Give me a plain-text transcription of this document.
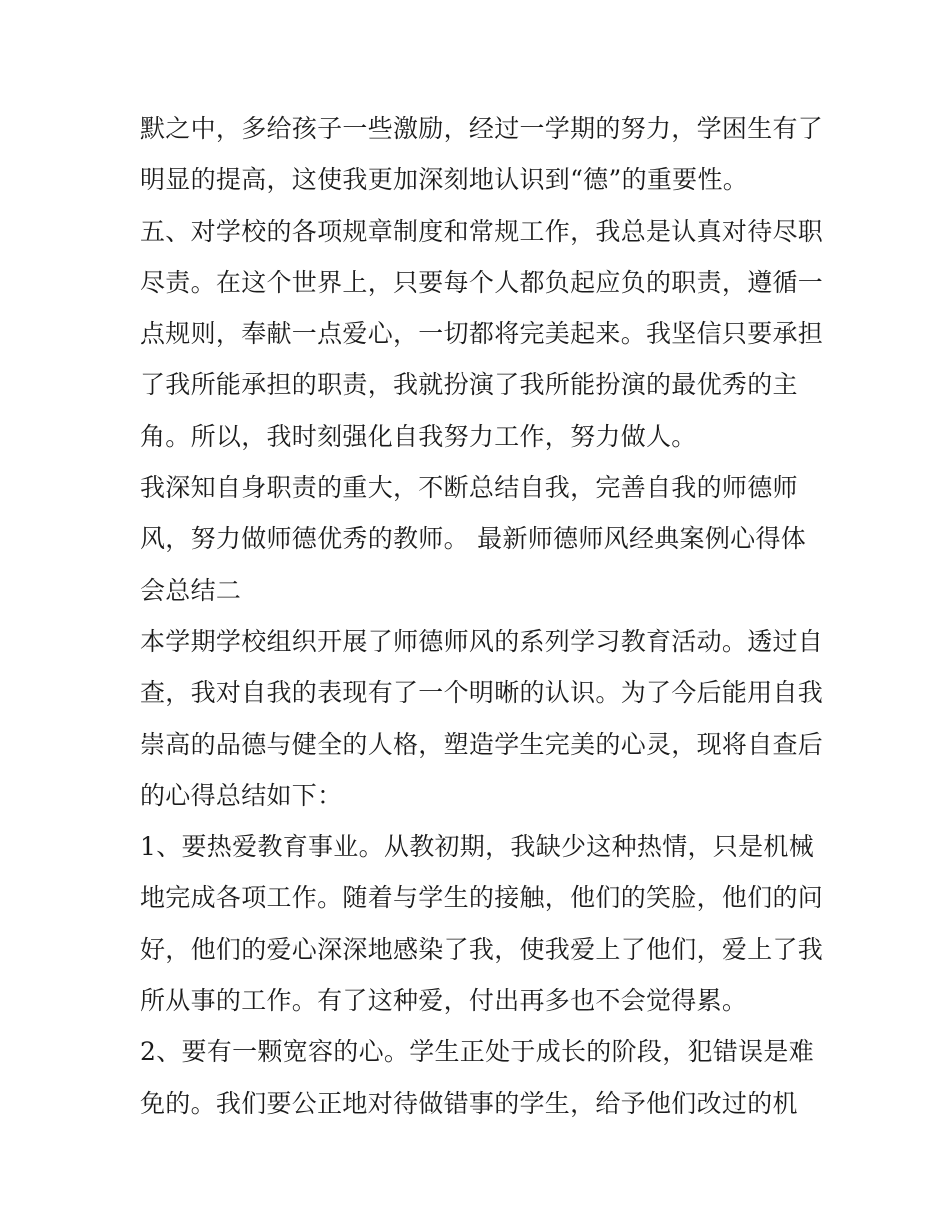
默之中，多给孩子一些激励，经过一学期的努力，学困生有了
明显的提高，这使我更加深刻地认识到“德”的重要性。
五、对学校的各项规章制度和常规工作，我总是认真对待尽职
尽责。在这个世界上，只要每个人都负起应负的职责，遵循一
点规则，奉献一点爱心，一切都将完美起来。我坚信只要承担
了我所能承担的职责，我就扮演了我所能扮演的最优秀的主
角。所以，我时刻强化自我努力工作，努力做人。
我深知自身职责的重大，不断总结自我，完善自我的师德师
风，努力做师德优秀的教师。 最新师德师风经典案例心得体
会总结二
本学期学校组织开展了师德师风的系列学习教育活动。透过自
查，我对自我的表现有了一个明晰的认识。为了今后能用自我
崇高的品德与健全的人格，塑造学生完美的心灵，现将自查后
的心得总结如下：
1、要热爱教育事业。从教初期，我缺少这种热情，只是机械
地完成各项工作。随着与学生的接触，他们的笑脸，他们的问
好，他们的爱心深深地感染了我，使我爱上了他们，爱上了我
所从事的工作。有了这种爱，付出再多也不会觉得累。
2、要有一颗宽容的心。学生正处于成长的阶段，犯错误是难
免的。我们要公正地对待做错事的学生，给予他们改过的机
